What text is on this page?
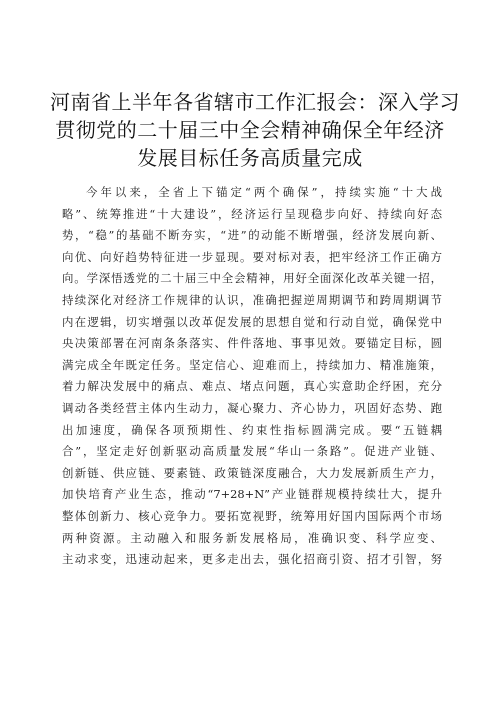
河南省上半年各省辖市工作汇报会：深入学习
贯彻党的二十届三中全会精神确保全年经济
发展目标任务高质量完成
今年以来，全省上下锚定“两个确保”，持续实施“十大战
略”、统筹推进“十大建设”，经济运行呈现稳步向好、持续向好态
势，“稳”的基础不断夯实，“进”的动能不断增强，经济发展向新、
向优、向好趋势特征进一步显现。要对标对表，把牢经济工作正确方
向。学深悟透党的二十届三中全会精神，用好全面深化改革关键一招，
持续深化对经济工作规律的认识，准确把握逆周期调节和跨周期调节
内在逻辑，切实增强以改革促发展的思想自觉和行动自觉，确保党中
央决策部署在河南条条落实、件件落地、事事见效。要锚定目标，圆
满完成全年既定任务。坚定信心、迎难而上，持续加力、精准施策，
着力解决发展中的痛点、难点、堵点问题，真心实意助企纾困，充分
调动各类经营主体内生动力，凝心聚力、齐心协力，巩固好态势、跑
出加速度，确保各项预期性、约束性指标圆满完成。要“五链耦
合”，坚定走好创新驱动高质量发展“华山一条路”。促进产业链、
创新链、供应链、要素链、政策链深度融合，大力发展新质生产力，
加快培育产业生态，推动“7+28+N”产业链群规模持续壮大，提升
整体创新力、核心竞争力。要拓宽视野，统筹用好国内国际两个市场
两种资源。主动融入和服务新发展格局，准确识变、科学应变、
主动求变，迅速动起来，更多走出去，强化招商引资、招才引智，努
